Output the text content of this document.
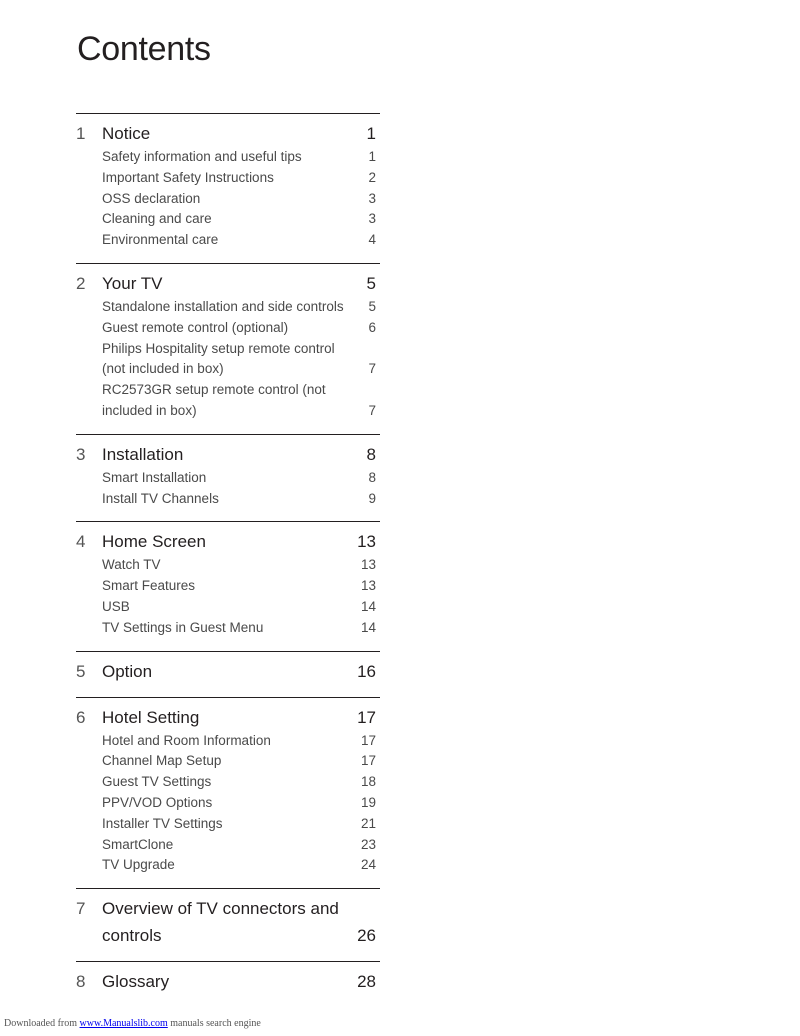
Contents
1 Notice	1
Safety information and useful tips	1
Important Safety Instructions	2
OSS declaration	3
Cleaning and care	3
Environmental care	4
2 Your TV	5
Standalone installation and side controls 5
Guest remote control (optional)	6
Philips Hospitality setup remote control (not included in box)	7
RC2573GR setup remote control (not included in box)	7
3 Installation	8
Smart Installation	8
Install TV Channels	9
4 Home Screen	13
Watch TV	13
Smart Features	13
USB	14
TV Settings in Guest Menu	14
5 Option	16
6 Hotel Setting	17
Hotel and Room Information	17
Channel Map Setup	17
Guest TV Settings	18
PPV/VOD Options	19
Installer TV Settings	21
SmartClone	23
TV Upgrade	24
7 Overview of TV connectors and controls	26
8 Glossary	28
Downloaded from www.Manualslib.com manuals search engine
